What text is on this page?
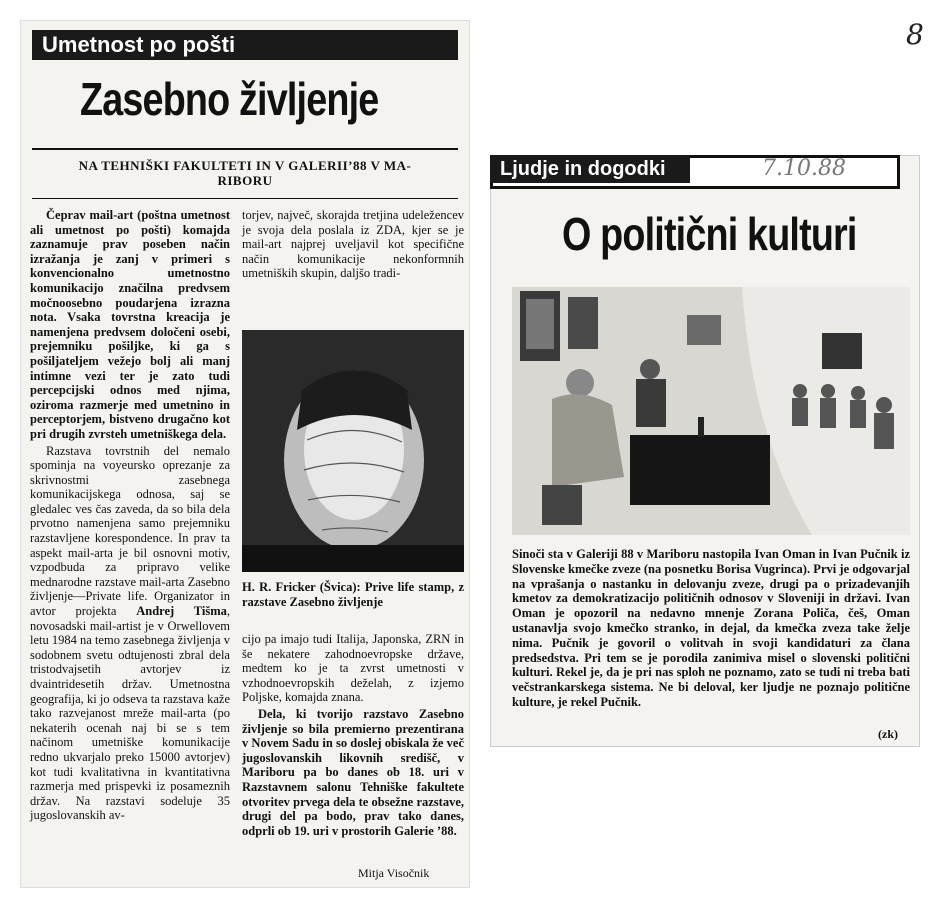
8
Umetnost po pošti
Zasebno življenje
NA TEHNIŠKI FAKULTETI IN V GALERII’88 V MA-
RIBORU

Čeprav mail-art (poštna umetnost ali umetnost po pošti) komajda zaznamuje prav poseben način izražanja je zanj v primeri s konvencionalno umetnostno komunikacijo značilna predvsem močnoosebno poudarjena izrazna nota. Vsaka tovrstna kreacija je namenjena predvsem določeni osebi, prejemniku pošiljke, ki ga s pošiljateljem vežejo bolj ali manj intimne vezi ter je zato tudi percepcijski odnos med njima, oziroma razmerje med umetnino in perceptorjem, bistveno drugačno kot pri drugih zvrsteh umetniškega dela.

Razstava tovrstnih del nemalo spominja na voyeursko oprezanje za skrivnostmi zasebnega komunikacijskega odnosa, saj se gledalec ves čas zaveda, da so bila dela prvotno namenjena samo prejemniku razstavljene korespondence. In prav ta aspekt mail-arta je bil osnovni motiv, vzpodbuda za pripravo velike mednarodne razstave mail-arta Zasebno življenje—Private life. Organizator in avtor projekta Andrej Tišma, novosadski mail-artist je v Orwellovem letu 1984 na temo zasebnega življenja v sodobnem svetu odtujenosti zbral dela tristodvajsetih avtorjev iz dvaintridesetih držav. Umetnostna geografija, ki jo odseva ta razstava kaže tako razvejanost mreže mail-arta (po nekaterih ocenah naj bi se s tem načinom umetniške komunikacije redno ukvarjalo preko 15000 avtorjev) kot tudi kvalitativna in kvantitativna razmerja med prispevki iz posameznih držav. Na razstavi sodeluje 35 jugoslovanskih av-

torjev, največ, skorajda tretjina udeležencev je svoja dela poslala iz ZDA, kjer se je mail-art najprej uveljavil kot specifične način komunikacije nekonformnih umetniških skupin, daljšo tradi-

H. R. Fricker (Švica): Prive life stamp, z razstave Zasebno življenje

cijo pa imajo tudi Italija, Japonska, ZRN in še nekatere zahodnoevropske države, medtem ko je ta zvrst umetnosti v vzhodnoevropskih deželah, z izjemo Poljske, komajda znana.

Dela, ki tvorijo razstavo Zasebno življenje so bila premierno prezentirana v Novem Sadu in so doslej obiskala že več jugoslovanskih likovnih središč, v Mariboru pa bo danes ob 18. uri v Razstavnem salonu Tehniške fakultete otvoritev prvega dela te obsežne razstave, drugi del pa bodo, prav tako danes, odprli ob 19. uri v prostorih Galerie ’88.

Mitja Visočnik
Ljudje in dogodki	7.10.88
O politični kulturi
Sinoči sta v Galeriji 88 v Mariboru nastopila Ivan Oman in Ivan Pučnik iz Slovenske kmečke zveze (na posnetku Borisa Vugrinca). Prvi je odgovarjal na vprašanja o nastanku in delovanju zveze, drugi pa o prizadevanjih kmetov za demokratizacijo političnih odnosov v Sloveniji in državi. Ivan Oman je opozoril na nedavno mnenje Zorana Poliča, češ, Oman ustanavlja svojo kmečko stranko, in dejal, da kmečka zveza take želje nima. Pučnik je govoril o volitvah in svoji kandidaturi za člana predsedstva. Pri tem se je porodila zanimiva misel o slovenski politični kulturi. Rekel je, da je pri nas sploh ne poznamo, zato se tudi ni treba bati večstrankarskega sistema. Ne bi deloval, ker ljudje ne poznajo politične kulture, je rekel Pučnik.
(zk)
